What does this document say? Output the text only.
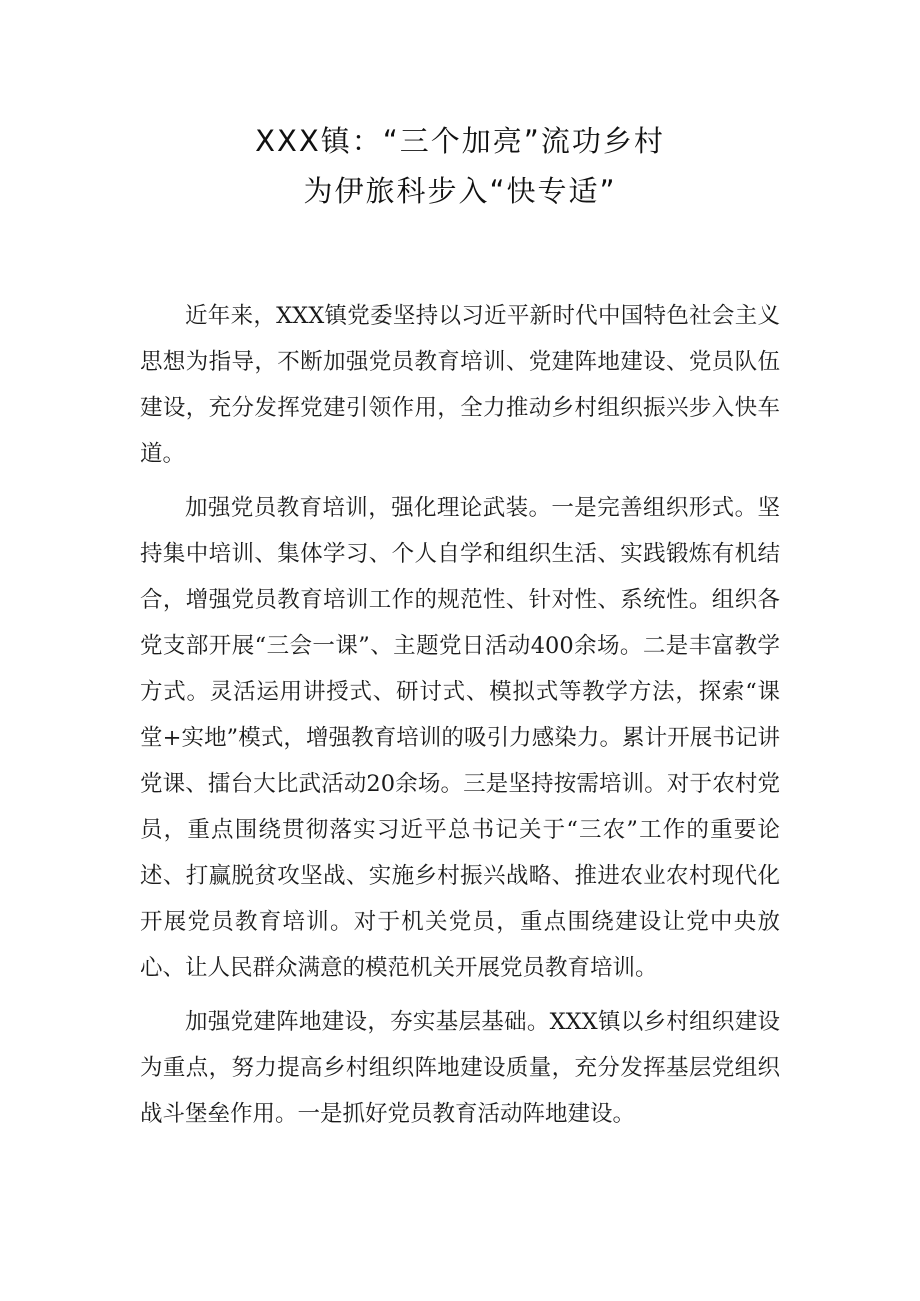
XXX镇：“三个加亮”流功乡村
为伊旅科步入“快专适”

近年来，XXX镇党委坚持以习近平新时代中国特色社会主义思想为指导，不断加强党员教育培训、党建阵地建设、党员队伍建设，充分发挥党建引领作用，全力推动乡村组织振兴步入快车道。

加强党员教育培训，强化理论武装。一是完善组织形式。坚持集中培训、集体学习、个人自学和组织生活、实践锻炼有机结合，增强党员教育培训工作的规范性、针对性、系统性。组织各党支部开展“三会一课”、主题党日活动400余场。二是丰富教学方式。灵活运用讲授式、研讨式、模拟式等教学方法，探索“课堂+实地”模式，增强教育培训的吸引力感染力。累计开展书记讲党课、擂台大比武活动20余场。三是坚持按需培训。对于农村党员，重点围绕贯彻落实习近平总书记关于“三农”工作的重要论述、打赢脱贫攻坚战、实施乡村振兴战略、推进农业农村现代化开展党员教育培训。对于机关党员，重点围绕建设让党中央放心、让人民群众满意的模范机关开展党员教育培训。

加强党建阵地建设，夯实基层基础。XXX镇以乡村组织建设为重点，努力提高乡村组织阵地建设质量，充分发挥基层党组织战斗堡垒作用。一是抓好党员教育活动阵地建设。
